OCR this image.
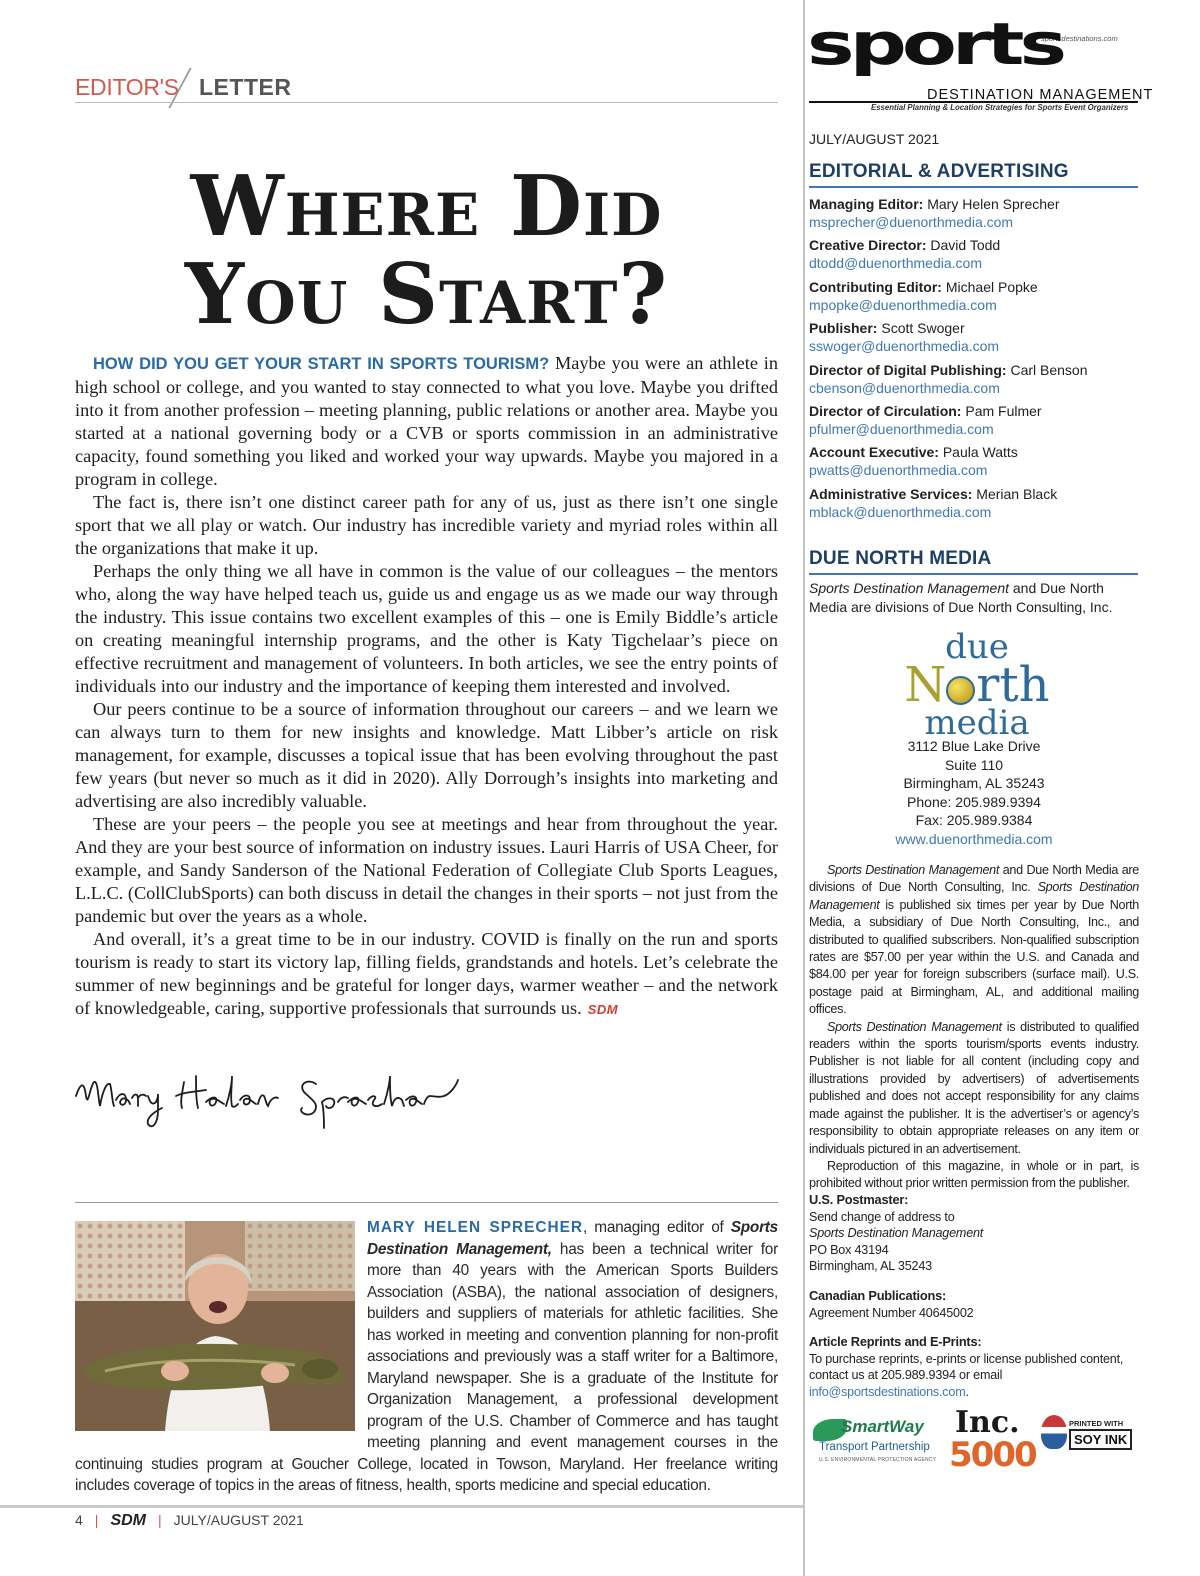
EDITOR'S LETTER
Where Did
You Start?

HOW DID YOU GET YOUR START IN SPORTS TOURISM? Maybe you were an athlete in high school or college, and you wanted to stay connected to what you love. Maybe you drifted into it from another profession – meeting planning, public relations or another area. Maybe you started at a national governing body or a CVB or sports commission in an administrative capacity, found something you liked and worked your way upwards. Maybe you majored in a program in college.

The fact is, there isn’t one distinct career path for any of us, just as there isn’t one single sport that we all play or watch. Our industry has incredible variety and myriad roles within all the organizations that make it up.

Perhaps the only thing we all have in common is the value of our colleagues – the mentors who, along the way have helped teach us, guide us and engage us as we made our way through the industry. This issue contains two excellent examples of this – one is Emily Biddle’s article on creating meaningful internship programs, and the other is Katy Tigchelaar’s piece on effective recruitment and management of volunteers. In both articles, we see the entry points of individuals into our industry and the importance of keeping them interested and involved.

Our peers continue to be a source of information throughout our careers – and we learn we can always turn to them for new insights and knowledge. Matt Libber’s article on risk management, for example, discusses a topical issue that has been evolving throughout the past few years (but never so much as it did in 2020). Ally Dorrough’s insights into marketing and advertising are also incredibly valuable.

These are your peers – the people you see at meetings and hear from throughout the year. And they are your best source of information on industry issues. Lauri Harris of USA Cheer, for example, and Sandy Sanderson of the National Federation of Collegiate Club Sports Leagues, L.L.C. (CollClubSports) can both discuss in detail the changes in their sports – not just from the pandemic but over the years as a whole.

And overall, it’s a great time to be in our industry. COVID is finally on the run and sports tourism is ready to start its victory lap, filling fields, grandstands and hotels. Let’s celebrate the summer of new beginnings and be grateful for longer days, warmer weather – and the network of knowledgeable, caring, supportive professionals that surrounds us. SDM

MARY HELEN SPRECHER, managing editor of Sports Destination Management, has been a technical writer for more than 40 years with the American Sports Builders Association (ASBA), the national association of designers, builders and suppliers of materials for athletic facilities. She has worked in meeting and convention planning for non-profit associations and previously was a staff writer for a Baltimore, Maryland newspaper. She is a graduate of the Institute for Organization Management, a professional development program of the U.S. Chamber of Commerce and has taught meeting planning and event management courses in the continuing studies program at Goucher College, located in Towson, Maryland. Her freelance writing includes coverage of topics in the areas of fitness, health, sports medicine and special education.
4 | SDM | JULY/AUGUST 2021
sportsdestinations.com
sports
DESTINATION MANAGEMENT
Essential Planning & Location Strategies for Sports Event Organizers
JULY/AUGUST 2021
EDITORIAL & ADVERTISING
Managing Editor: Mary Helen Sprecher
msprecher@duenorthmedia.com
Creative Director: David Todd
dtodd@duenorthmedia.com
Contributing Editor: Michael Popke
mpopke@duenorthmedia.com
Publisher: Scott Swoger
sswoger@duenorthmedia.com
Director of Digital Publishing: Carl Benson
cbenson@duenorthmedia.com
Director of Circulation: Pam Fulmer
pfulmer@duenorthmedia.com
Account Executive: Paula Watts
pwatts@duenorthmedia.com
Administrative Services: Merian Black
mblack@duenorthmedia.com
DUE NORTH MEDIA
Sports Destination Management and Due North Media are divisions of Due North Consulting, Inc.
due
N rth
media
3112 Blue Lake Drive
Suite 110
Birmingham, AL 35243
Phone: 205.989.9394
Fax: 205.989.9384
www.duenorthmedia.com

Sports Destination Management and Due North Media are divisions of Due North Consulting, Inc. Sports Destination Management is published six times per year by Due North Media, a subsidiary of Due North Consulting, Inc., and distributed to qualified subscribers. Non-qualified subscription rates are $57.00 per year within the U.S. and Canada and $84.00 per year for foreign subscribers (surface mail). U.S. postage paid at Birmingham, AL, and additional mailing offices.

Sports Destination Management is distributed to qualified readers within the sports tourism/sports events industry. Publisher is not liable for all content (including copy and illustrations provided by advertisers) of advertisements published and does not accept responsibility for any claims made against the publisher. It is the advertiser’s or agency’s responsibility to obtain appropriate releases on any item or individuals pictured in an advertisement.

Reproduction of this magazine, in whole or in part, is prohibited without prior written permission from the publisher.

U.S. Postmaster:
Send change of address to
Sports Destination Management
PO Box 43194
Birmingham, AL 35243
Canadian Publications:
Agreement Number 40645002
Article Reprints and E-Prints:
To purchase reprints, e-prints or license published content, contact us at 205.989.9394 or email info@sportsdestinations.com.
SmartWay
Transport Partnership
U.S. ENVIRONMENTAL PROTECTION AGENCY
Inc.
5000
PRINTED WITH
SOY INK
